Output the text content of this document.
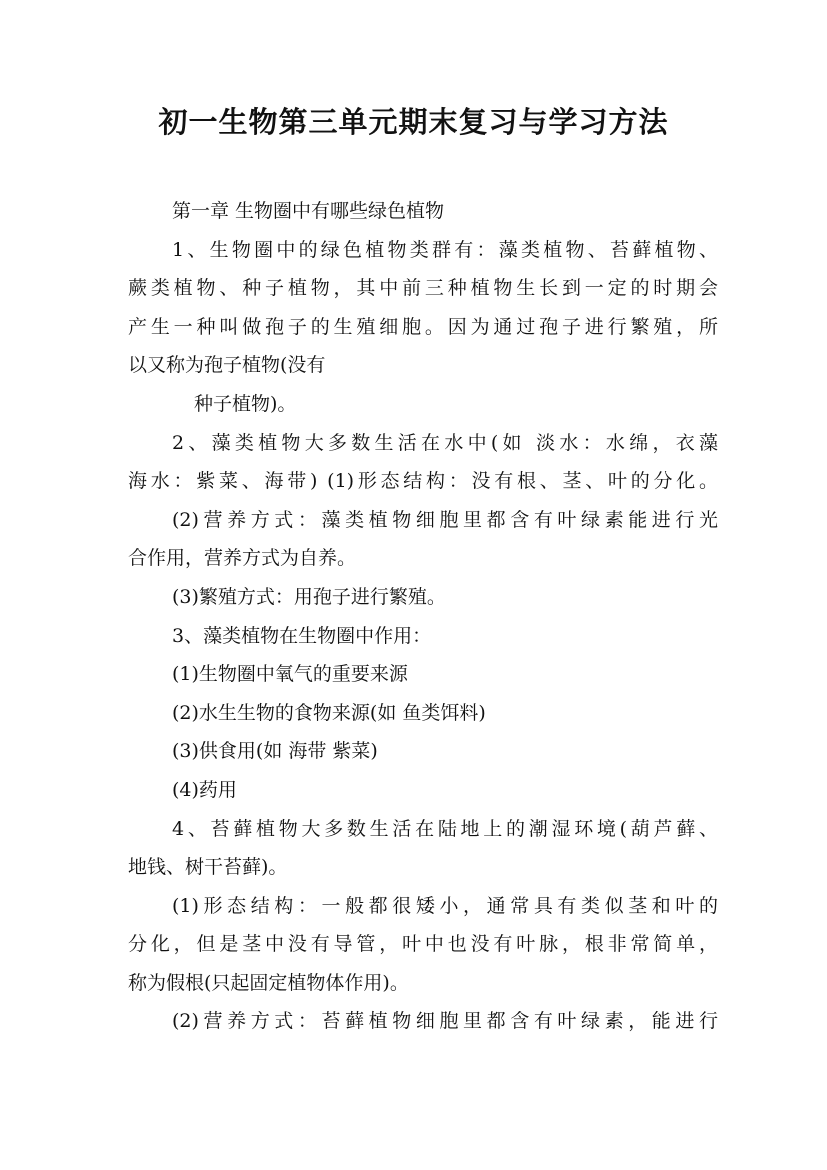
初一生物第三单元期末复习与学习方法
第一章 生物圈中有哪些绿色植物
1、生物圈中的绿色植物类群有：藻类植物、苔藓植物、
蕨类植物、种子植物，其中前三种植物生长到一定的时期会
产生一种叫做孢子的生殖细胞。因为通过孢子进行繁殖，所
以又称为孢子植物(没有
种子植物)。
2、藻类植物大多数生活在水中(如 淡水：水绵，衣藻
海水：紫菜、海带) (1)形态结构：没有根、茎、叶的分化。
(2)营养方式：藻类植物细胞里都含有叶绿素能进行光
合作用，营养方式为自养。
(3)繁殖方式：用孢子进行繁殖。
3、藻类植物在生物圈中作用：
(1)生物圈中氧气的重要来源
(2)水生生物的食物来源(如 鱼类饵料)
(3)供食用(如 海带 紫菜)
(4)药用
4、苔藓植物大多数生活在陆地上的潮湿环境(葫芦藓、
地钱、树干苔藓)。
(1)形态结构：一般都很矮小，通常具有类似茎和叶的
分化，但是茎中没有导管，叶中也没有叶脉，根非常简单，
称为假根(只起固定植物体作用)。
(2)营养方式：苔藓植物细胞里都含有叶绿素，能进行
